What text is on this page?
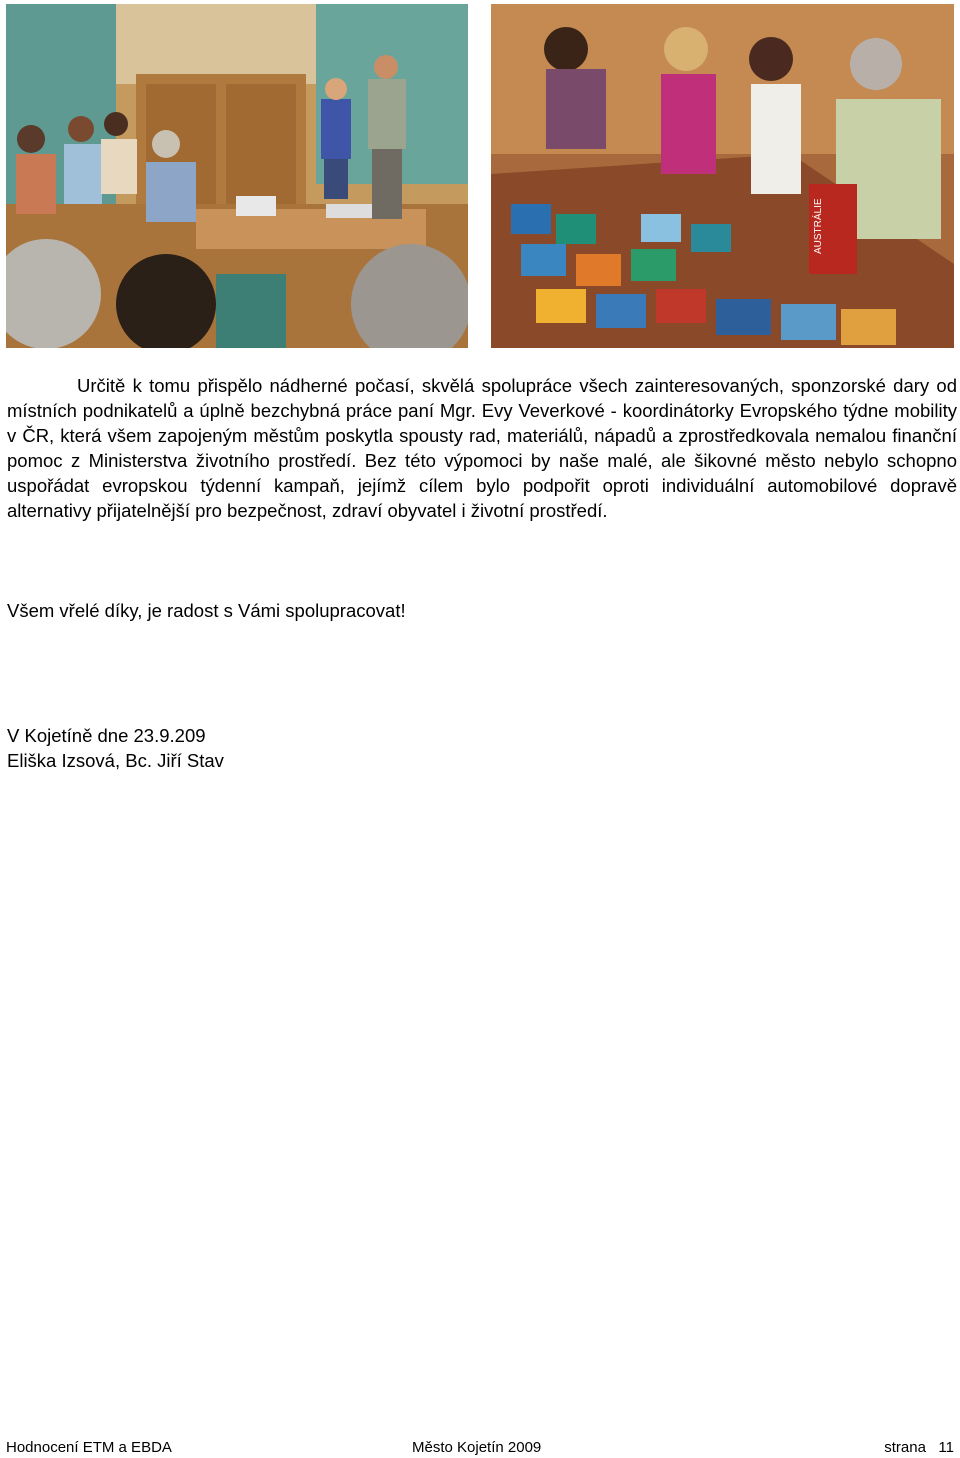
AUSTRÁLIE
Určitě k tomu přispělo nádherné počasí, skvělá spolupráce všech zainteresovaných, sponzorské dary od místních podnikatelů a úplně bezchybná práce paní Mgr. Evy Veverkové - koordinátorky Evropského týdne mobility v ČR, která všem zapojeným městům poskytla spousty rad, materiálů, nápadů a zprostředkovala nemalou finanční pomoc z Ministerstva životního prostředí. Bez této výpomoci by naše malé, ale šikovné město nebylo schopno uspořádat evropskou týdenní kampaň, jejímž cílem bylo podpořit oproti individuální automobilové dopravě alternativy přijatelnější pro bezpečnost, zdraví obyvatel i životní prostředí.
Všem vřelé díky, je radost s Vámi spolupracovat!
V Kojetíně dne 23.9.209
Eliška Izsová, Bc. Jiří Stav
Hodnocení ETM a EBDA	Město Kojetín 2009	strana   11
